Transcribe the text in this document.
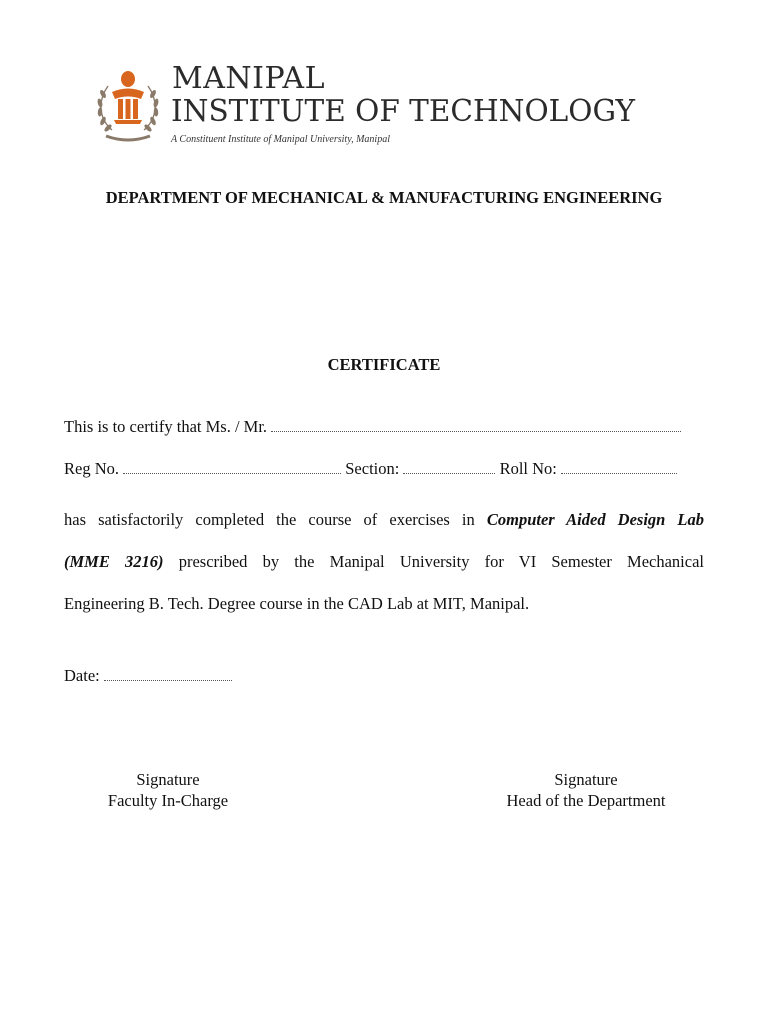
MANIPAL
INSTITUTE OF TECHNOLOGY
A Constituent Institute of Manipal University, Manipal
DEPARTMENT OF MECHANICAL & MANUFACTURING ENGINEERING
CERTIFICATE
This is to certify that Ms. / Mr.
Reg No.	Section:	Roll No:
has satisfactorily completed the course of exercises in Computer Aided Design Lab
(MME 3216) prescribed by the Manipal University for VI Semester Mechanical
Engineering B. Tech. Degree course in the CAD Lab at MIT, Manipal.
Date:
Signature
Faculty In-Charge
Signature
Head of the Department
